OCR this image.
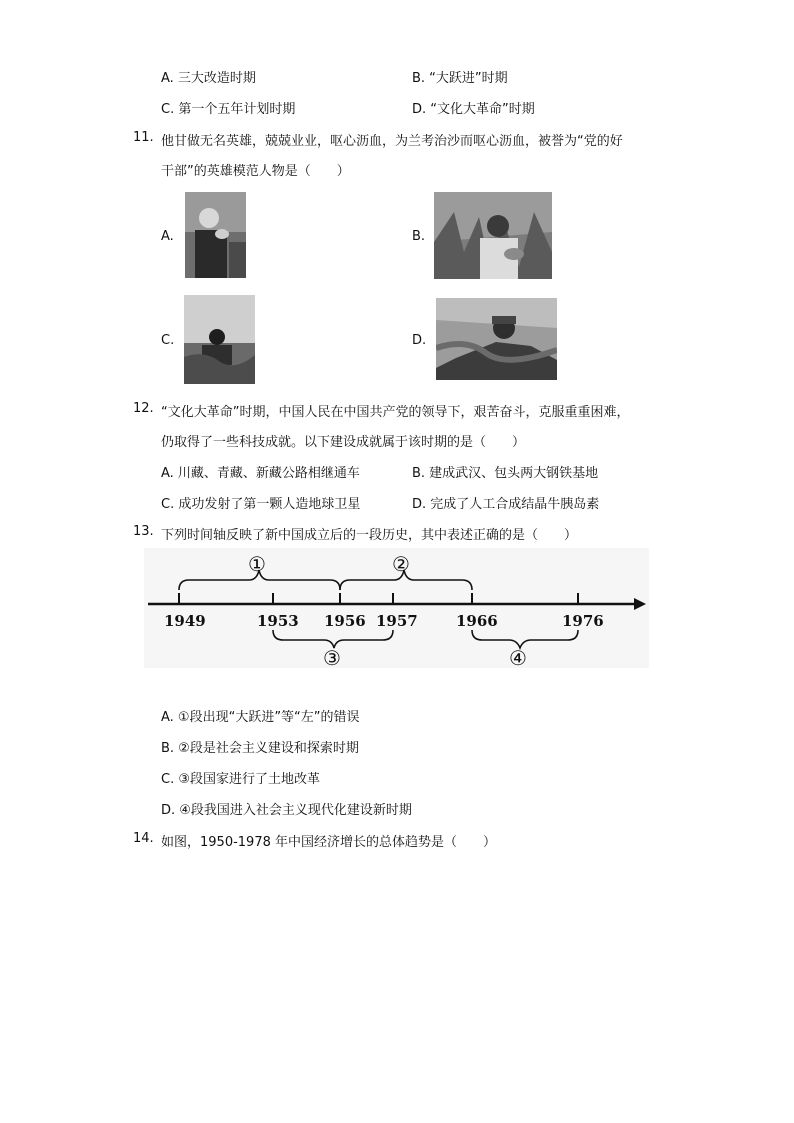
A. 三大改造时期	B. “大跃进”时期
C. 第一个五年计划时期	D. “文化大革命”时期
11. 他甘做无名英雄，兢兢业业，呕心沥血，为兰考治沙而呕心沥血，被誉为“党的好
干部”的英雄模范人物是（　　）
A.	B.
C.	D.
12. “文化大革命”时期，中国人民在中国共产党的领导下，艰苦奋斗，克服重重困难，
仍取得了一些科技成就。以下建设成就属于该时期的是（　　）
A. 川藏、青藏、新藏公路相继通车	B. 建成武汉、包头两大钢铁基地
C. 成功发射了第一颗人造地球卫星	D. 完成了人工合成结晶牛胰岛素
13. 下列时间轴反映了新中国成立后的一段历史，其中表述正确的是（　　）
1949	1953 1956 1957	1966	1976
①	②
③	④
A. ①段出现“大跃进”等“左”的错误
B. ②段是社会主义建设和探索时期
C. ③段国家进行了土地改革
D. ④段我国进入社会主义现代化建设新时期
14. 如图，1950-1978 年中国经济增长的总体趋势是（　　）
